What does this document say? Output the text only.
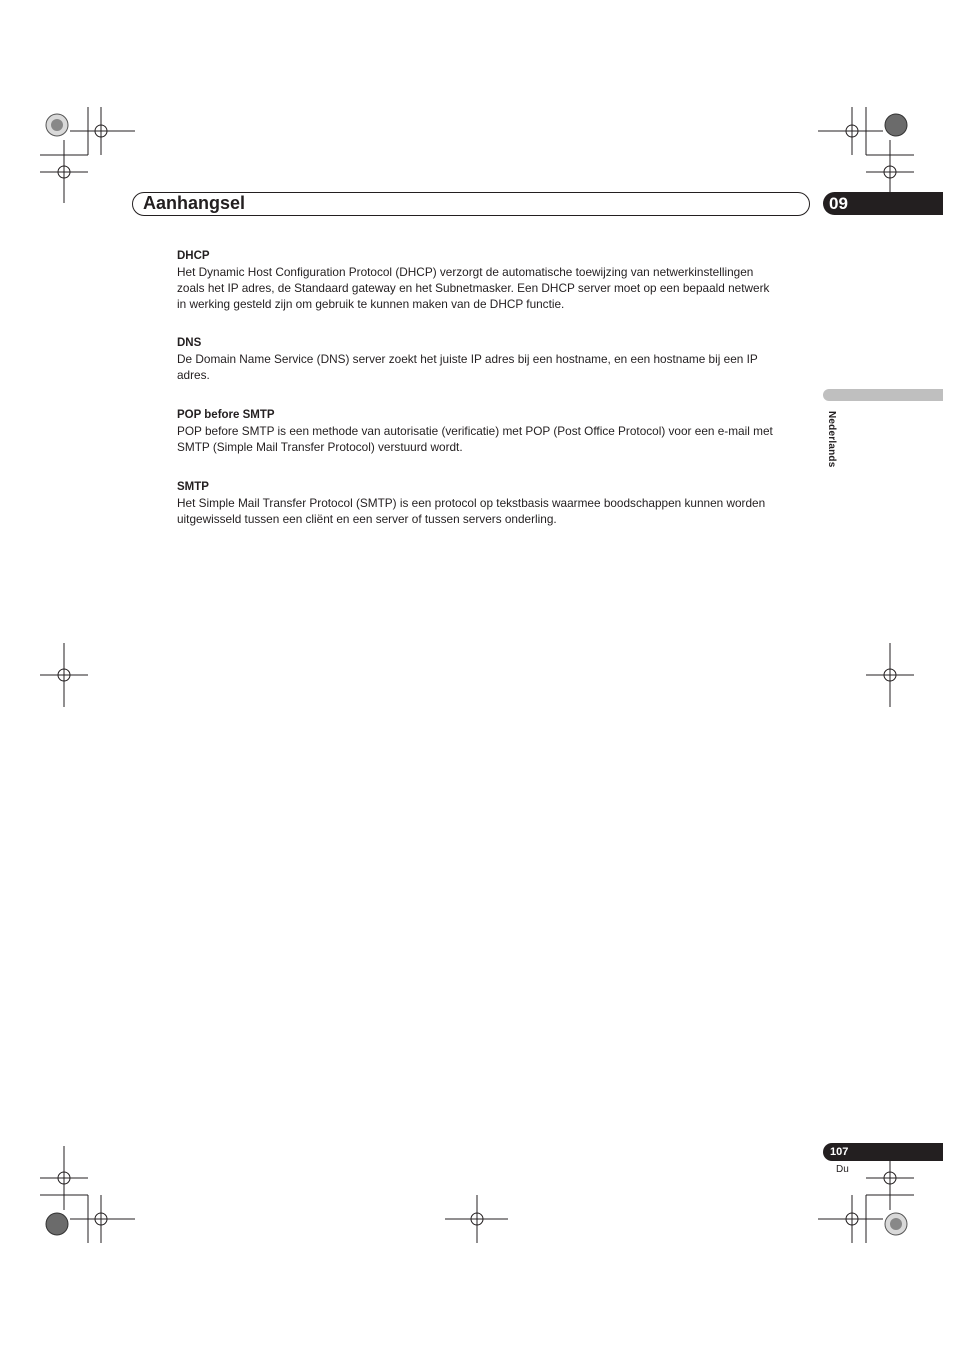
Aanhangsel	09
Nederlands

DHCP

Het Dynamic Host Configuration Protocol (DHCP) verzorgt de automatische toewijzing van netwerkinstellingen

zoals het IP adres, de Standaard gateway en het Subnetmasker. Een DHCP server moet op een bepaald netwerk

in werking gesteld zijn om gebruik te kunnen maken van de DHCP functie.

DNS

De Domain Name Service (DNS) server zoekt het juiste IP adres bij een hostname, en een hostname bij een IP

adres.

POP before SMTP

POP before SMTP is een methode van autorisatie (verificatie) met POP (Post Office Protocol) voor een e-mail met

SMTP (Simple Mail Transfer Protocol) verstuurd wordt.

SMTP

Het Simple Mail Transfer Protocol (SMTP) is een protocol op tekstbasis waarmee boodschappen kunnen worden

uitgewisseld tussen een cliënt en een server of tussen servers onderling.

107
Du
